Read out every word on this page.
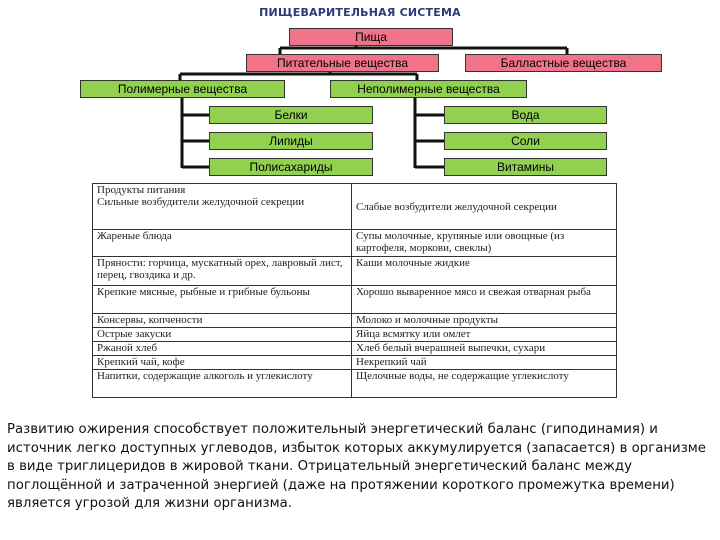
ПИЩЕВАРИТЕЛЬНАЯ СИСТЕМА
Пища
Питательные вещества	Балластные вещества
Полимерные вещества	Неполимерные вещества
Белки
Липиды
Полисахариды
Вода
Соли
Витамины
Продукты питания
Сильные возбудители желудочной секреции	Слабые возбудители желудочной секреции
Жареные блюда	Супы молочные, крупяные или овощные (из картофеля, моркови, свеклы)
Пряности: горчица, мускатный орех, лавровый лист, перец, гвоздика и др.	Каши молочные жидкие
Крепкие мясные, рыбные и грибные бульоны	Хорошо вываренное мясо и свежая отварная рыба
Консервы, копчености	Молоко и молочные продукты
Острые закуски	Яйца всмятку или омлет
Ржаной хлеб	Хлеб белый вчерашней выпечки, сухари
Крепкий чай, кофе	Некрепкий чай
Напитки, содержащие алкоголь и углекислоту	Щелочные воды, не содержащие углекислоту
Развитию ожирения способствует положительный энергетический баланс (гиподинамия) и источник легко доступных углеводов, избыток которых аккумулируется (запасается) в организме в виде триглицеридов в жировой ткани. Отрицательный энергетический баланс между поглощённой и затраченной энергией (даже на протяжении короткого промежутка времени) является угрозой для жизни организма.
